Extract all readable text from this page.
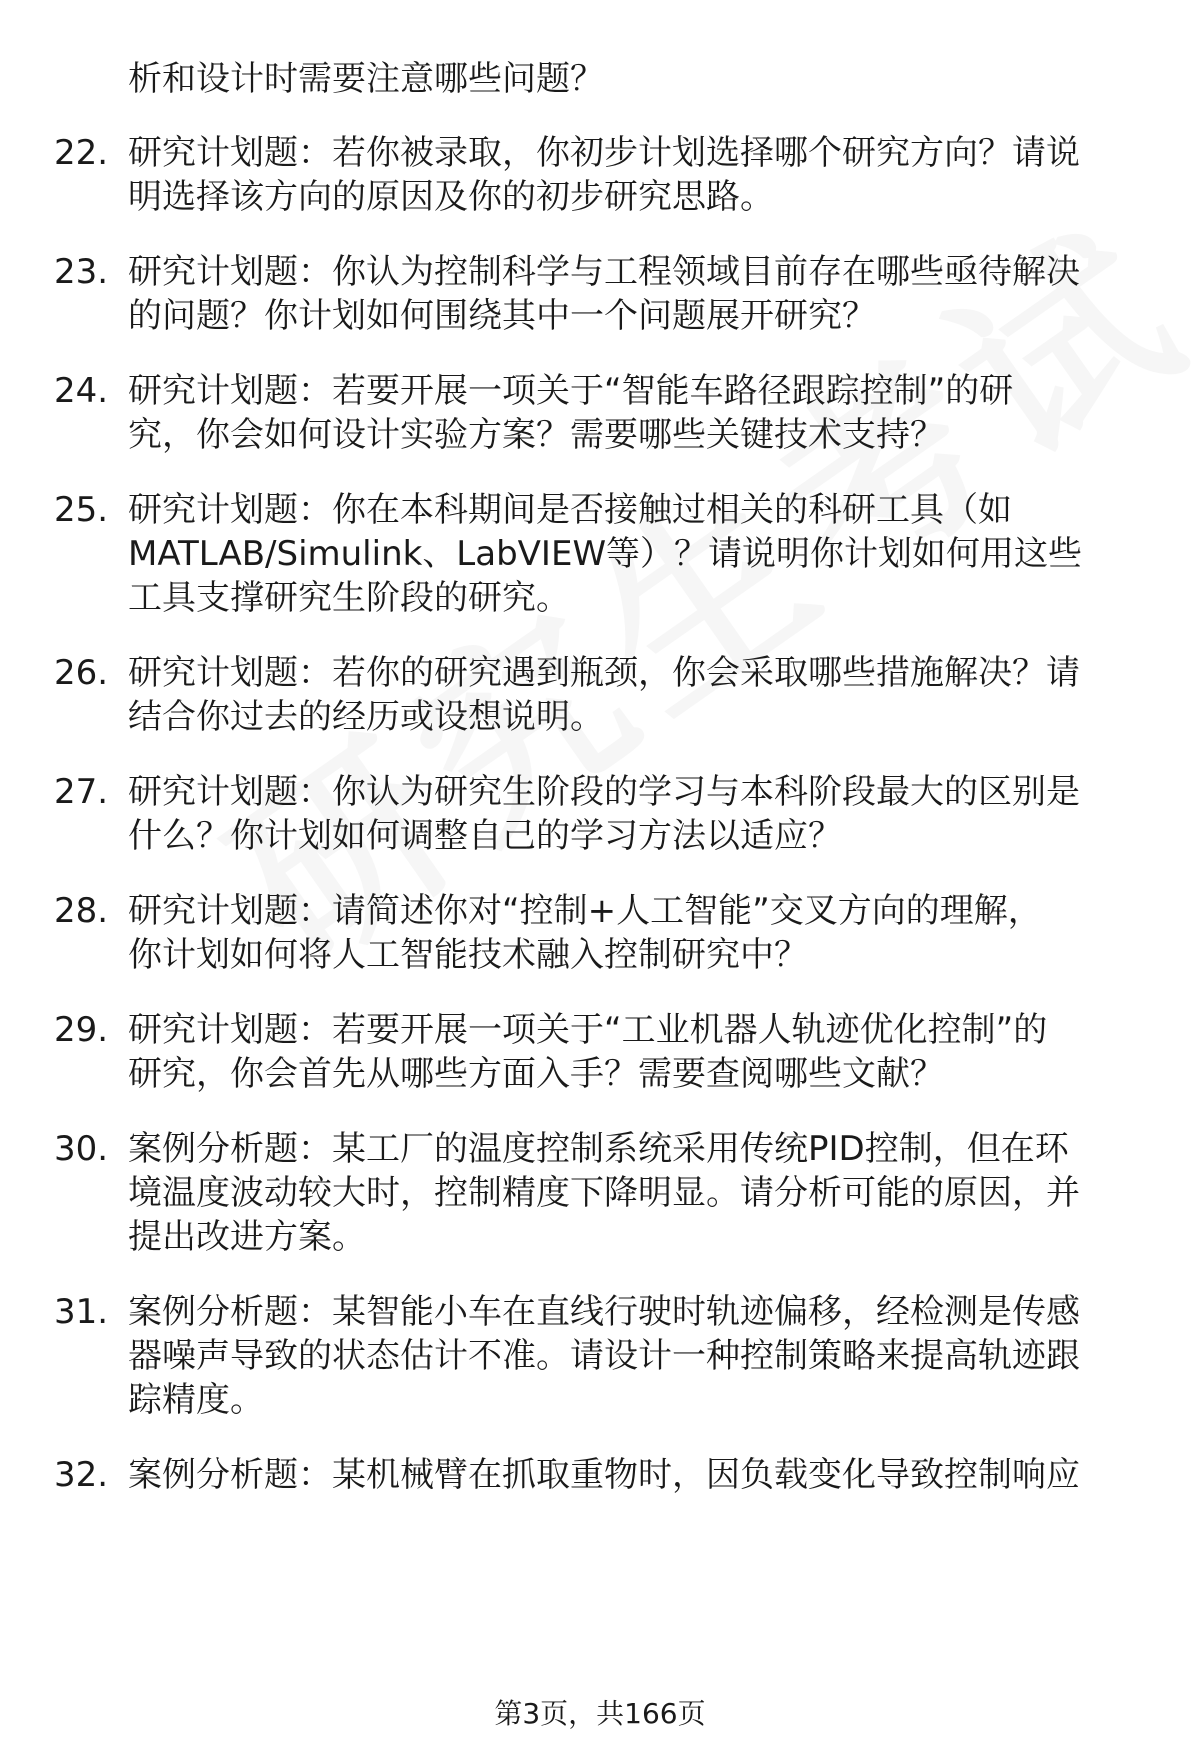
析和设计时需要注意哪些问题？
22. 研究计划题：若你被录取，你初步计划选择哪个研究方向？请说
明选择该方向的原因及你的初步研究思路。
23. 研究计划题：你认为控制科学与工程领域目前存在哪些亟待解决
的问题？你计划如何围绕其中一个问题展开研究？
24. 研究计划题：若要开展一项关于“智能车路径跟踪控制”的研
究，你会如何设计实验方案？需要哪些关键技术支持？
25. 研究计划题：你在本科期间是否接触过相关的科研工具（如
MATLAB/Simulink、LabVIEW等）？请说明你计划如何用这些
工具支撑研究生阶段的研究。
26. 研究计划题：若你的研究遇到瓶颈，你会采取哪些措施解决？请
结合你过去的经历或设想说明。
27. 研究计划题：你认为研究生阶段的学习与本科阶段最大的区别是
什么？你计划如何调整自己的学习方法以适应？
28. 研究计划题：请简述你对“控制+人工智能”交叉方向的理解，
你计划如何将人工智能技术融入控制研究中？
29. 研究计划题：若要开展一项关于“工业机器人轨迹优化控制”的
研究，你会首先从哪些方面入手？需要查阅哪些文献？
30. 案例分析题：某工厂的温度控制系统采用传统PID控制，但在环
境温度波动较大时，控制精度下降明显。请分析可能的原因，并
提出改进方案。
31. 案例分析题：某智能小车在直线行驶时轨迹偏移，经检测是传感
器噪声导致的状态估计不准。请设计一种控制策略来提高轨迹跟
踪精度。
32. 案例分析题：某机械臂在抓取重物时，因负载变化导致控制响应
第3页，共166页
